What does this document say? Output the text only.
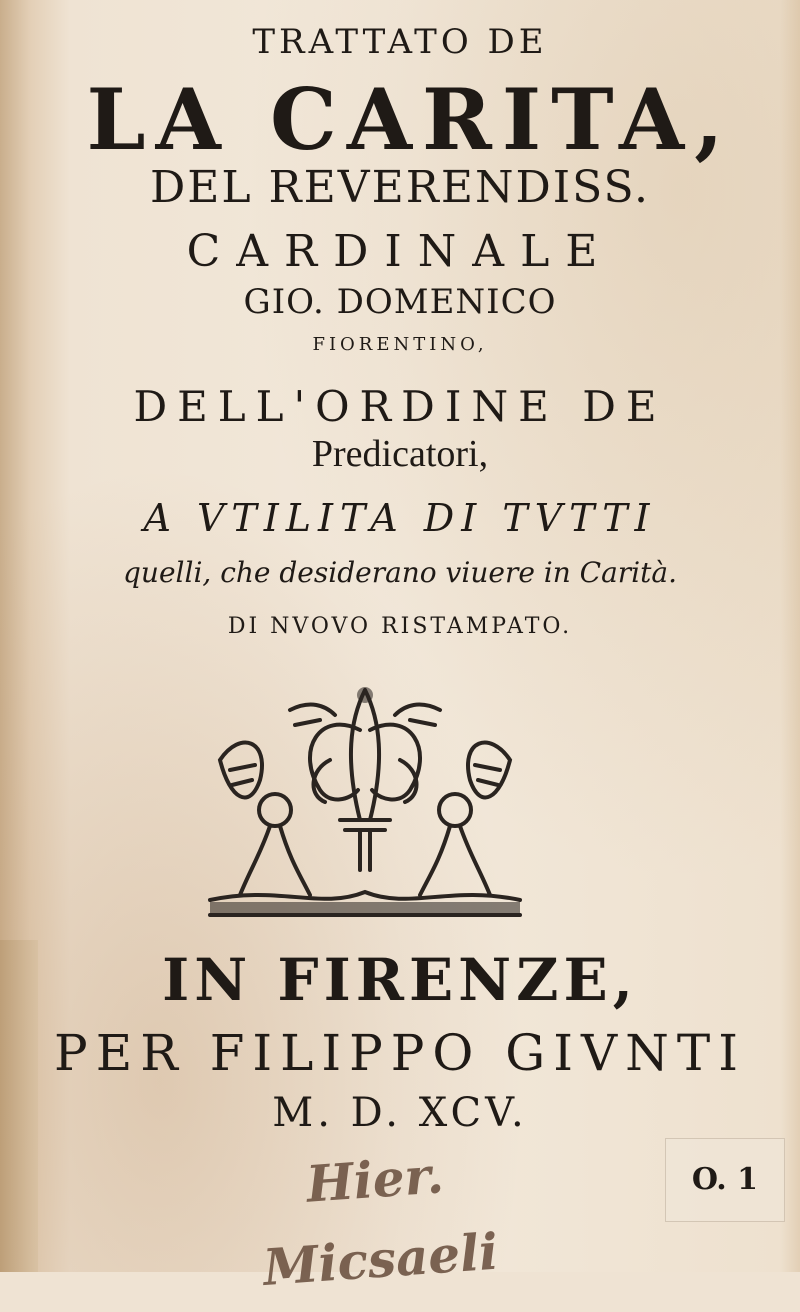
TRATTATO DE
LA CARITA,
DEL REVERENDISS.
CARDINALE
GIO. DOMENICO
FIORENTINO,
DELL'ORDINE DE
Predicatori,
A VTILITA DI TVTTI
quelli, che desiderano viuere in Carità.
DI NVOVO RISTAMPATO.
IN FIRENZE,
PER FILIPPO GIVNTI
M. D. XCV.
Hier. Micsaeli
O. 1
